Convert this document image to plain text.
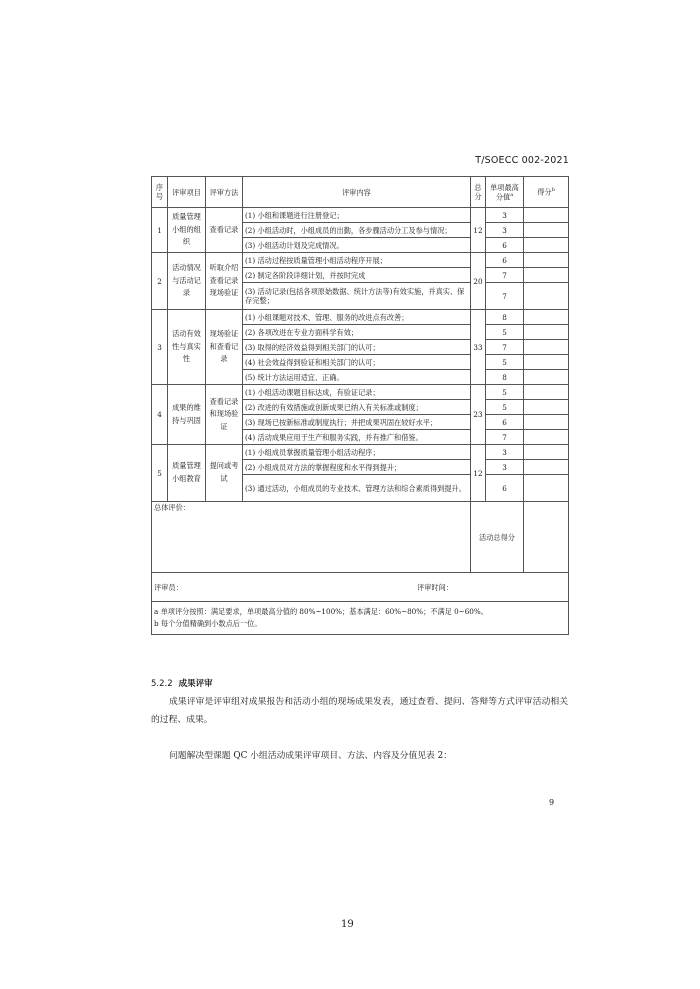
T/SOECC 002-2021
序号	评审项目	评审方法	评审内容	总分	单项最高分值$^a$	得分$^b$
1	质量管理小组的组织	查看记录	(1) 小组和课题进行注册登记；	12	3	
			(2) 小组活动时，小组成员的出勤，各步骤活动分工及参与情况；		3	
			(3) 小组活动计划及完成情况。		6	
2	活动情况与活动记录	听取介绍查看记录现场验证	(1) 活动过程按质量管理小组活动程序开展；	20	6	
			(2) 制定各阶段详细计划，并按时完成		7	
			(3) 活动记录(包括各项原始数据、统计方法等)有效实施，并真实、保存完整；		7	
3	活动有效性与真实性	现场验证和查看记录	(1) 小组课题对技术、管理、服务的改进点有改善；	33	8	
			(2) 各项改进在专业方面科学有效；		5	
			(3) 取得的经济效益得到相关部门的认可；		7	
			(4) 社会效益得到验证和相关部门的认可；		5	
			(5) 统计方法运用适宜、正确。		8	
4	成果的维持与巩固	查看记录和现场验证	(1) 小组活动课题目标达成，有验证记录；	23	5	
			(2) 改进的有效措施或创新成果已纳入有关标准或制度；		5	
			(3) 现场已按新标准或制度执行；并把成果巩固在较好水平；		6	
			(4) 活动成果应用于生产和服务实践，并有推广和借鉴。		7	
5	质量管理小组教育	提问或考试	(1) 小组成员掌握质量管理小组活动程序；	12	3	
			(2) 小组成员对方法的掌握程度和水平得到提升；		3	
			(3) 通过活动，小组成员的专业技术、管理方法和综合素质得到提升。		6	
总体评价：				活动总得分		

评审员： 评审时间：						

a 单项评分按照：满足要求，单项最高分值的 80%~100%；基本满足：60%~80%；不满足 0~60%。
b 每个分值精确到小数点后一位。						
5.2.2 成果评审

成果评审是评审组对成果报告和活动小组的现场成果发表，通过查看、提问、答辩等方式评审活动相关的过程、成果。

问题解决型课题 QC 小组活动成果评审项目、方法、内容及分值见表 2：

9
19
